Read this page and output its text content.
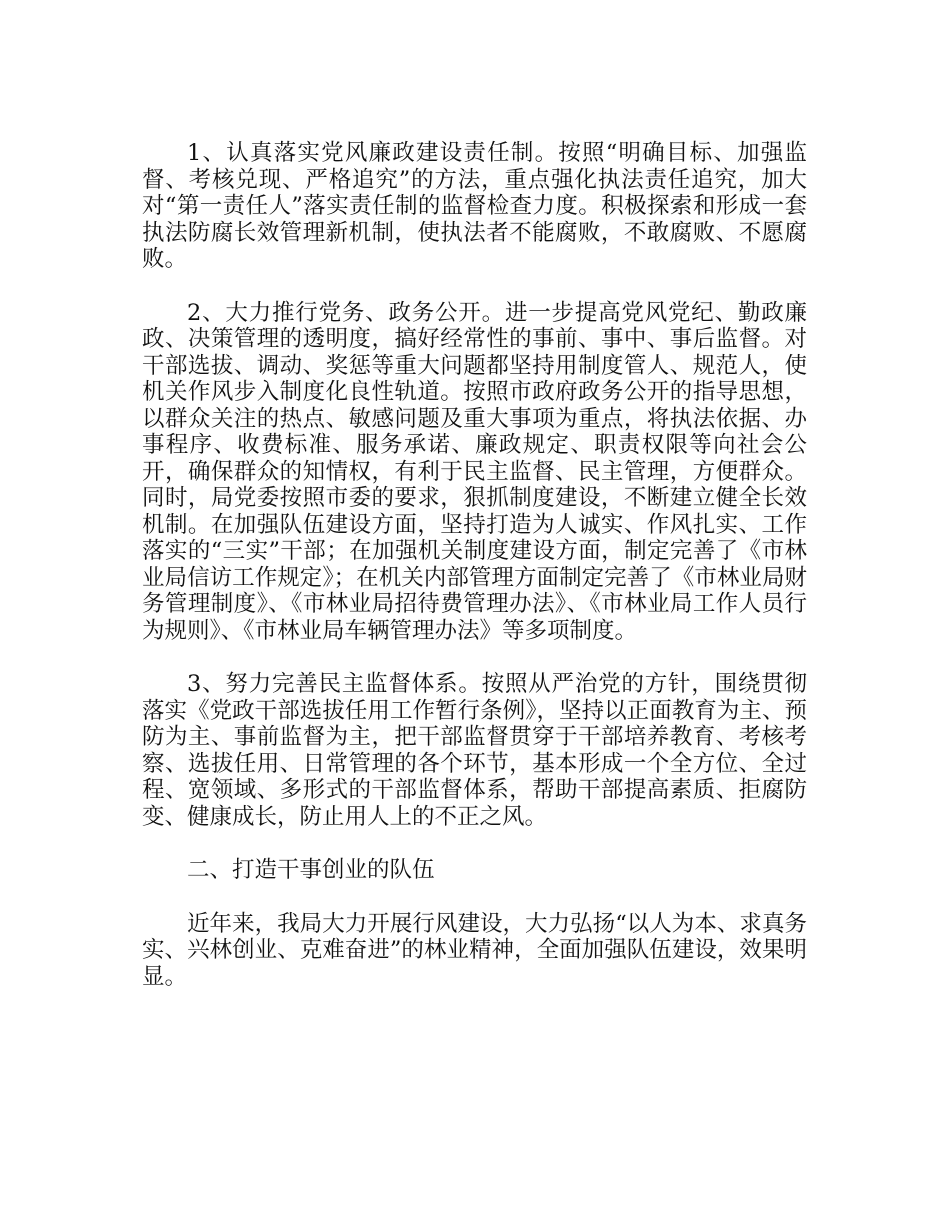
1、认真落实党风廉政建设责任制。按照“明确目标、加强监督、考核兑现、严格追究”的方法，重点强化执法责任追究，加大对“第一责任人”落实责任制的监督检查力度。积极探索和形成一套执法防腐长效管理新机制，使执法者不能腐败，不敢腐败、不愿腐败。

2、大力推行党务、政务公开。进一步提高党风党纪、勤政廉政、决策管理的透明度，搞好经常性的事前、事中、事后监督。对干部选拔、调动、奖惩等重大问题都坚持用制度管人、规范人，使机关作风步入制度化良性轨道。按照市政府政务公开的指导思想，以群众关注的热点、敏感问题及重大事项为重点，将执法依据、办事程序、收费标准、服务承诺、廉政规定、职责权限等向社会公开，确保群众的知情权，有利于民主监督、民主管理，方便群众。同时，局党委按照市委的要求，狠抓制度建设，不断建立健全长效机制。在加强队伍建设方面，坚持打造为人诚实、作风扎实、工作落实的“三实”干部；在加强机关制度建设方面，制定完善了《市林业局信访工作规定》；在机关内部管理方面制定完善了《市林业局财务管理制度》、《市林业局招待费管理办法》、《市林业局工作人员行为规则》、《市林业局车辆管理办法》等多项制度。

3、努力完善民主监督体系。按照从严治党的方针，围绕贯彻落实《党政干部选拔任用工作暂行条例》，坚持以正面教育为主、预防为主、事前监督为主，把干部监督贯穿于干部培养教育、考核考察、选拔任用、日常管理的各个环节，基本形成一个全方位、全过程、宽领域、多形式的干部监督体系，帮助干部提高素质、拒腐防变、健康成长，防止用人上的不正之风。

二、打造干事创业的队伍

近年来，我局大力开展行风建设，大力弘扬“以人为本、求真务实、兴林创业、克难奋进”的林业精神，全面加强队伍建设，效果明显。
